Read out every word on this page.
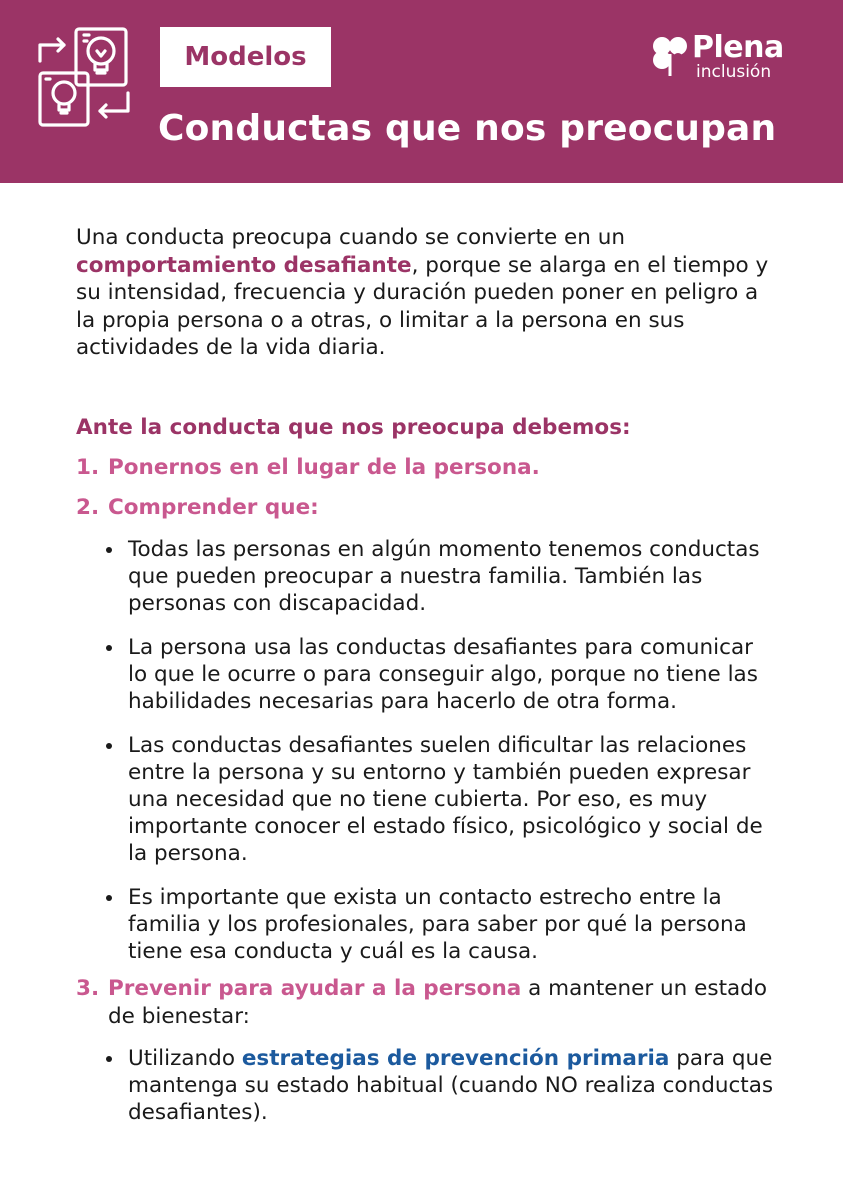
Modelos	Plena
inclusión
Conductas que nos preocupan

Una conducta preocupa cuando se convierte en un comportamiento desafiante, porque se alarga en el tiempo y su intensidad, frecuencia y duración pueden poner en peligro a la propia persona o a otras, o limitar a la persona en sus actividades de la vida diaria.

Ante la conducta que nos preocupa debemos:
1. Ponernos en el lugar de la persona.
2. Comprender que:
Todas las personas en algún momento tenemos conductas que pueden preocupar a nuestra familia. También las personas con discapacidad.
La persona usa las conductas desafiantes para comunicar lo que le ocurre o para conseguir algo, porque no tiene las habilidades necesarias para hacerlo de otra forma.
Las conductas desafiantes suelen dificultar las relaciones entre la persona y su entorno y también pueden expresar una necesidad que no tiene cubierta. Por eso, es muy importante conocer el estado físico, psicológico y social de la persona.
Es importante que exista un contacto estrecho entre la familia y los profesionales, para saber por qué la persona tiene esa conducta y cuál es la causa.
3. Prevenir para ayudar a la persona a mantener un estado de bienestar:
Utilizando estrategias de prevención primaria para que mantenga su estado habitual (cuando NO realiza conductas desafiantes).
